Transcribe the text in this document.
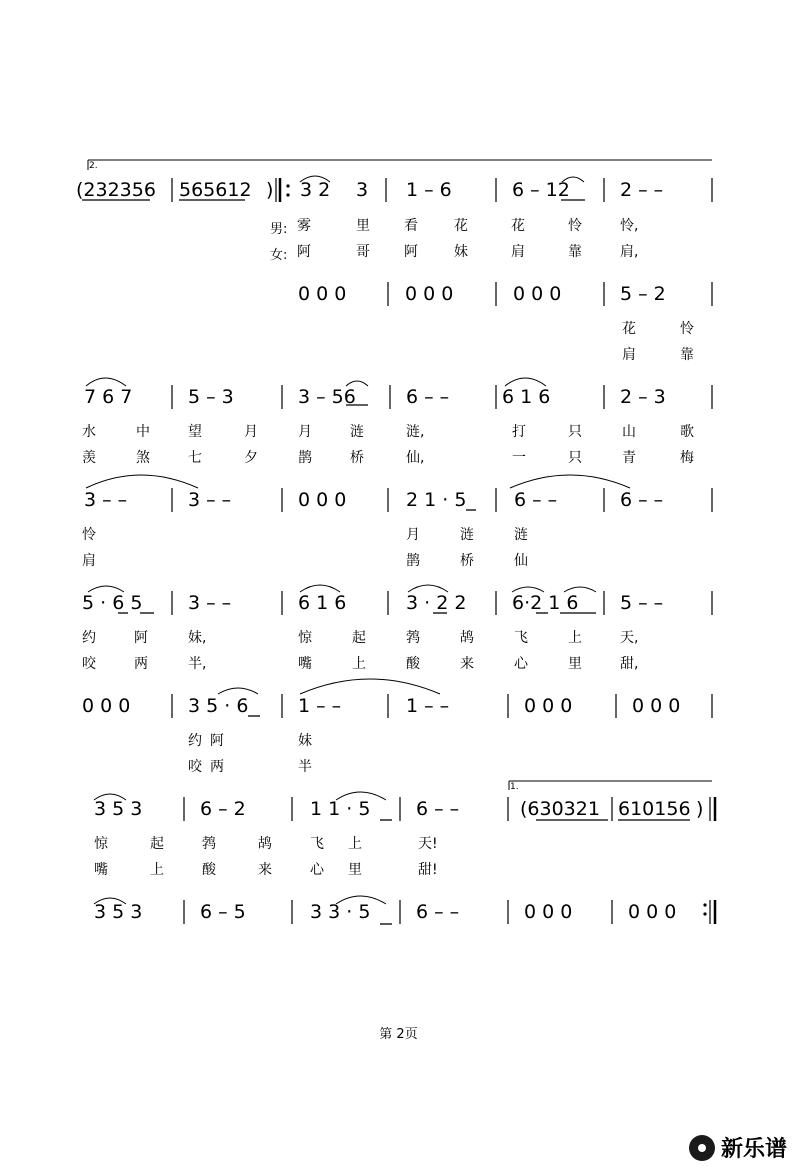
2.
1.
(232356 565612 ) 3 2 3 1 – 6	6 – 12	2 – –
男:
女:
雾	里 看	花	花	怜	怜,
阿	哥 阿	妹	肩	靠	肩,
0 0 0	0 0 0	0 0 0	5 – 2
花	怜
肩	靠
7 6 7	5 – 3	3 – 56	6 – –	6 1 6	2 – 3
水	中	望	月	月	涟	涟,	打	只	山	歌
羡	煞	七	夕	鹊	桥	仙,	一	只	青	梅
3 – –	3 – –	0 0 0	2 1 · 5	6 – –	6 – –
怜	月	涟	涟
肩	鹊	桥	仙
5 · 6 5 3 – –	6 1 6	3 · 2 2 6·2 1 6 5 – –
约	阿	妹,	惊	起	鹁	鸪	飞	上	天,
咬	两	半,	嘴	上	酸	来	心	里	甜,
0 0 0	3 5 · 6	1 – –	1 – –	0 0 0	0 0 0
约 阿	妹
咬 两	半
3 5 3	6 – 2	1 1 · 5 6 – –	(630321 610156 )
惊	起	鹁	鸪	飞 上	天!
嘴	上	酸	来	心 里	甜!
3 5 3	6 – 5	3 3 · 5 6 – –	0 0 0	0 0 0
第 2页
新乐谱
